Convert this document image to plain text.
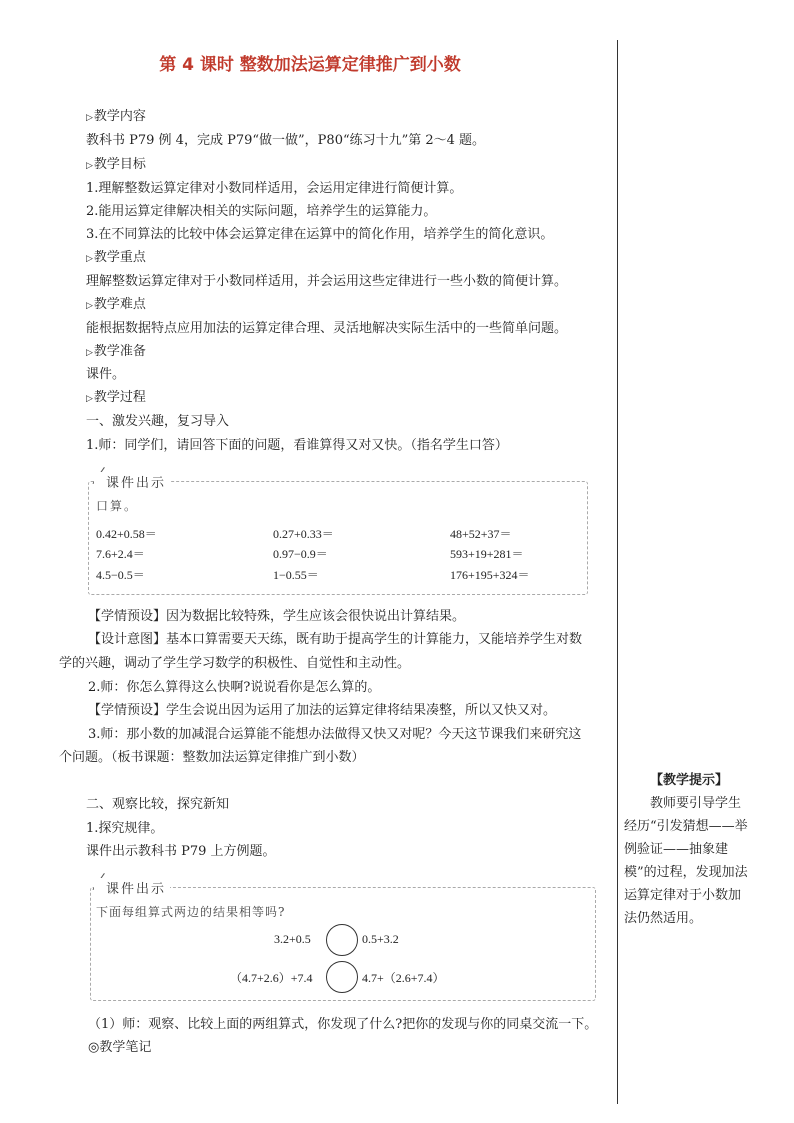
第 4 课时 整数加法运算定律推广到小数
▷教学内容
教科书 P79 例 4，完成 P79“做一做”，P80“练习十九”第 2～4 题。
▷教学目标
1.理解整数运算定律对小数同样适用，会运用定律进行简便计算。
2.能用运算定律解决相关的实际问题，培养学生的运算能力。
3.在不同算法的比较中体会运算定律在运算中的简化作用，培养学生的简化意识。
▷教学重点
理解整数运算定律对于小数同样适用，并会运用这些定律进行一些小数的简便计算。
▷教学难点
能根据数据特点应用加法的运算定律合理、灵活地解决实际生活中的一些简单问题。
▷教学准备
课件。
▷教学过程
一、激发兴趣，复习导入
1.师：同学们，请回答下面的问题，看谁算得又对又快。（指名学生口答）
课件出示
口算。
0.42+0.58＝	0.27+0.33＝	48+52+37＝
7.6+2.4＝	0.97−0.9＝	593+19+281＝
4.5−0.5＝	1−0.55＝	176+195+324＝
【学情预设】因为数据比较特殊，学生应该会很快说出计算结果。
【设计意图】基本口算需要天天练，既有助于提高学生的计算能力，又能培养学生对数
学的兴趣，调动了学生学习数学的积极性、自觉性和主动性。
2.师：你怎么算得这么快啊?说说看你是怎么算的。
【学情预设】学生会说出因为运用了加法的运算定律将结果凑整，所以又快又对。
3.师：那小数的加减混合运算能不能想办法做得又快又对呢？今天这节课我们来研究这
个问题。（板书课题：整数加法运算定律推广到小数）
二、观察比较，探究新知
1.探究规律。
课件出示教科书 P79 上方例题。
课件出示
下面每组算式两边的结果相等吗?
3.2+0.5	0.5+3.2
（4.7+2.6）+7.4	4.7+（2.6+7.4）
（1）师：观察、比较上面的两组算式，你发现了什么?把你的发现与你的同桌交流一下。
◎教学笔记
【教学提示】
教师要引导学生经历“引发猜想——举例验证——抽象建模”的过程，发现加法运算定律对于小数加法仍然适用。
